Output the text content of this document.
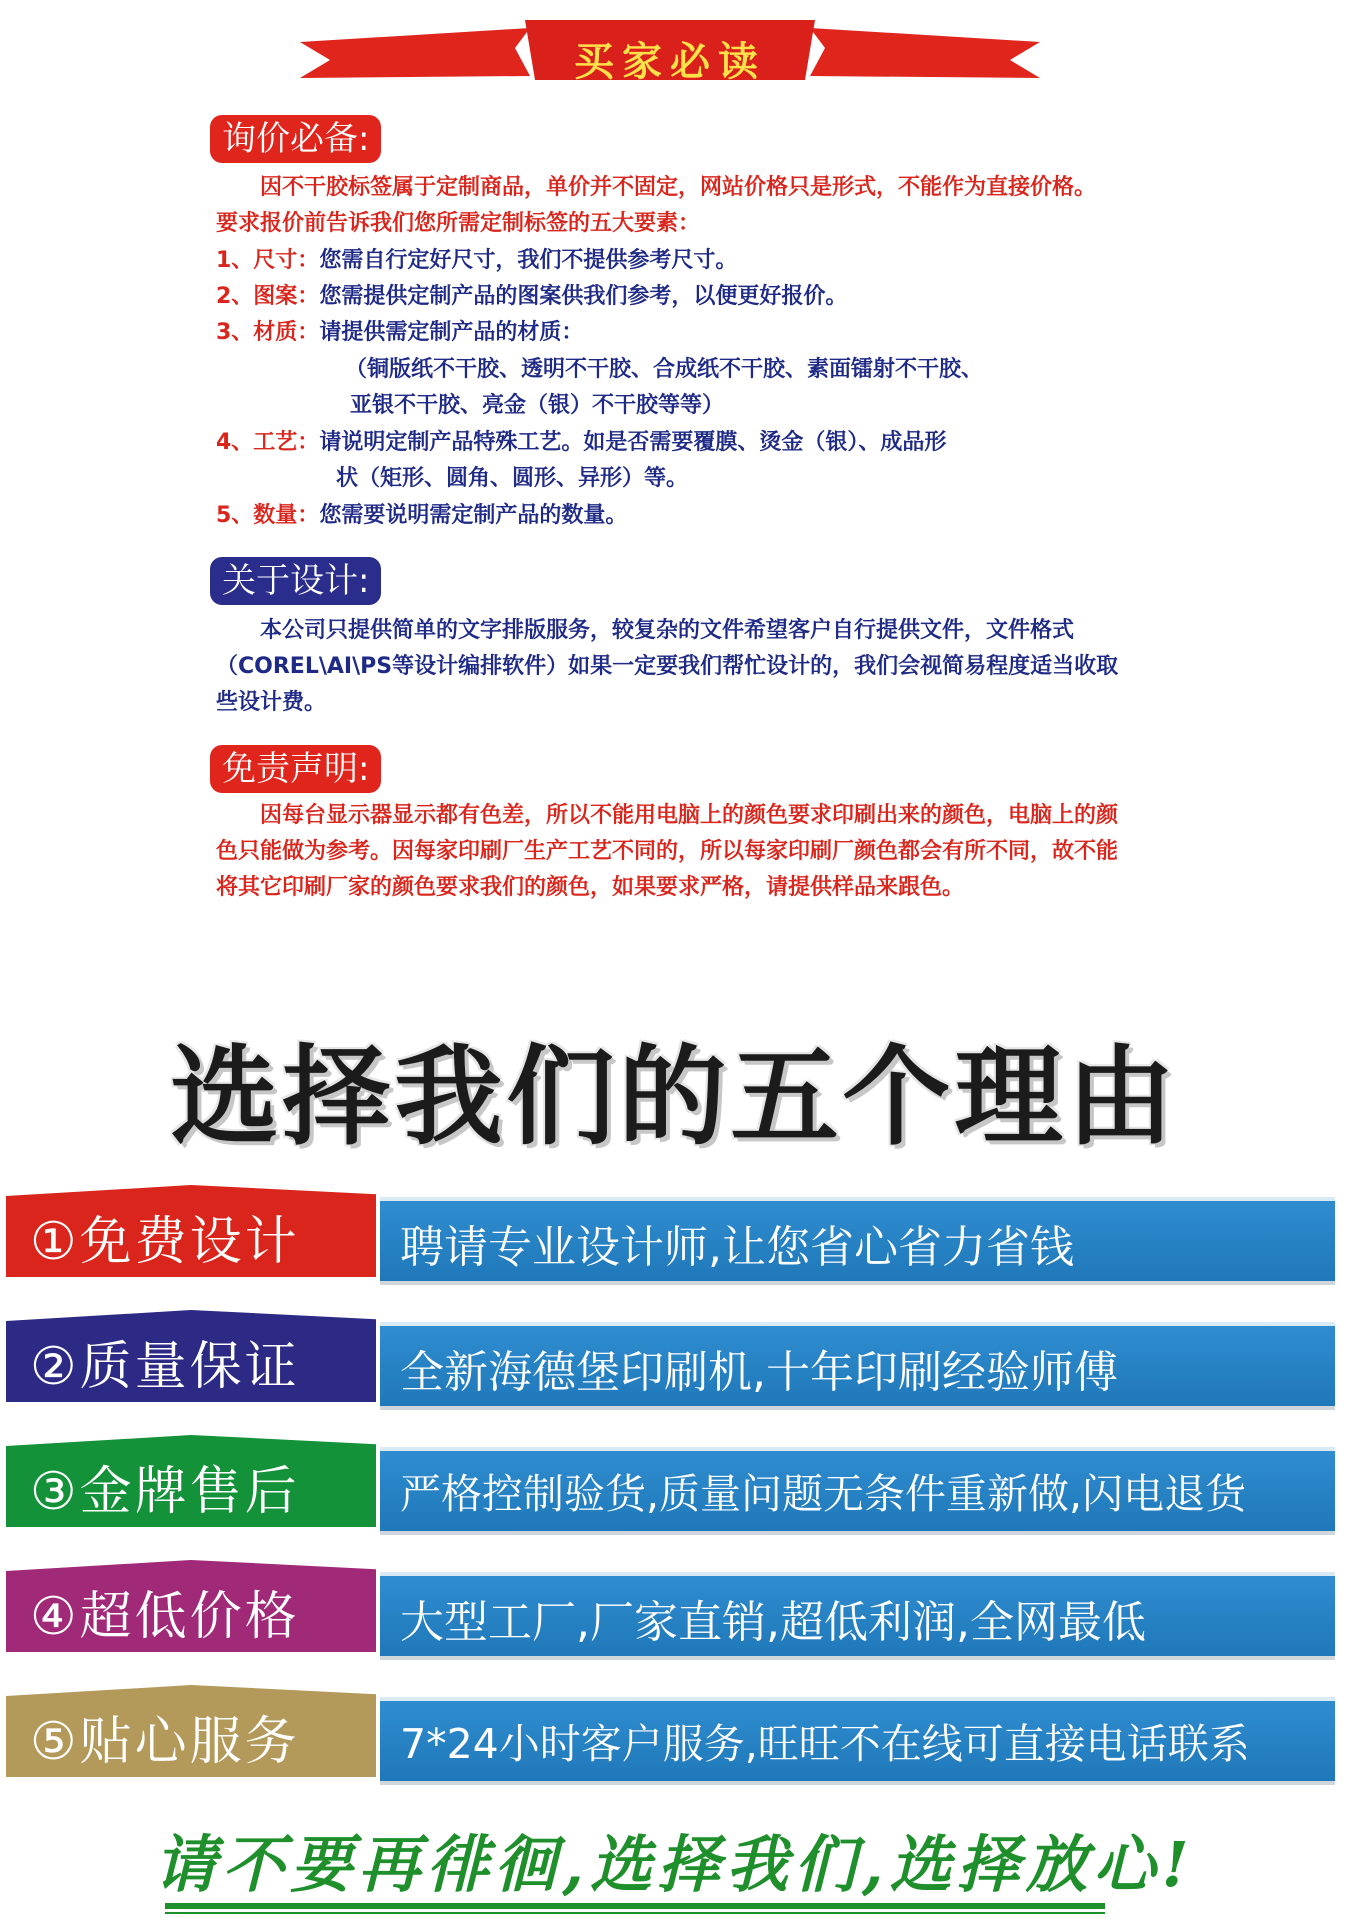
买家必读
询价必备:

因不干胶标签属于定制商品，单价并不固定，网站价格只是形式，不能作为直接价格。要求报价前告诉我们您所需定制标签的五大要素：

1、尺寸：您需自行定好尺寸，我们不提供参考尺寸。
2、图案：您需提供定制产品的图案供我们参考，以便更好报价。
3、材质：请提供需定制产品的材质：
（铜版纸不干胶、透明不干胶、合成纸不干胶、素面镭射不干胶、
亚银不干胶、亮金（银）不干胶等等）
4、工艺：请说明定制产品特殊工艺。如是否需要覆膜、烫金（银）、成品形
状（矩形、圆角、圆形、异形）等。
5、数量：您需要说明需定制产品的数量。
关于设计:

本公司只提供简单的文字排版服务，较复杂的文件希望客户自行提供文件，文件格式（COREL\AI\PS等设计编排软件）如果一定要我们帮忙设计的，我们会视简易程度适当收取些设计费。

免责声明:

因每台显示器显示都有色差，所以不能用电脑上的颜色要求印刷出来的颜色，电脑上的颜色只能做为参考。因每家印刷厂生产工艺不同的，所以每家印刷厂颜色都会有所不同，故不能将其它印刷厂家的颜色要求我们的颜色，如果要求严格，请提供样品来跟色。

选择我们的五个理由
①免费设计 聘请专业设计师,让您省心省力省钱
②质量保证 全新海德堡印刷机,十年印刷经验师傅
③金牌售后 严格控制验货,质量问题无条件重新做,闪电退货
④超低价格 大型工厂,厂家直销,超低利润,全网最低
⑤贴心服务 7*24小时客户服务,旺旺不在线可直接电话联系
请不要再徘徊,选择我们,选择放心!
